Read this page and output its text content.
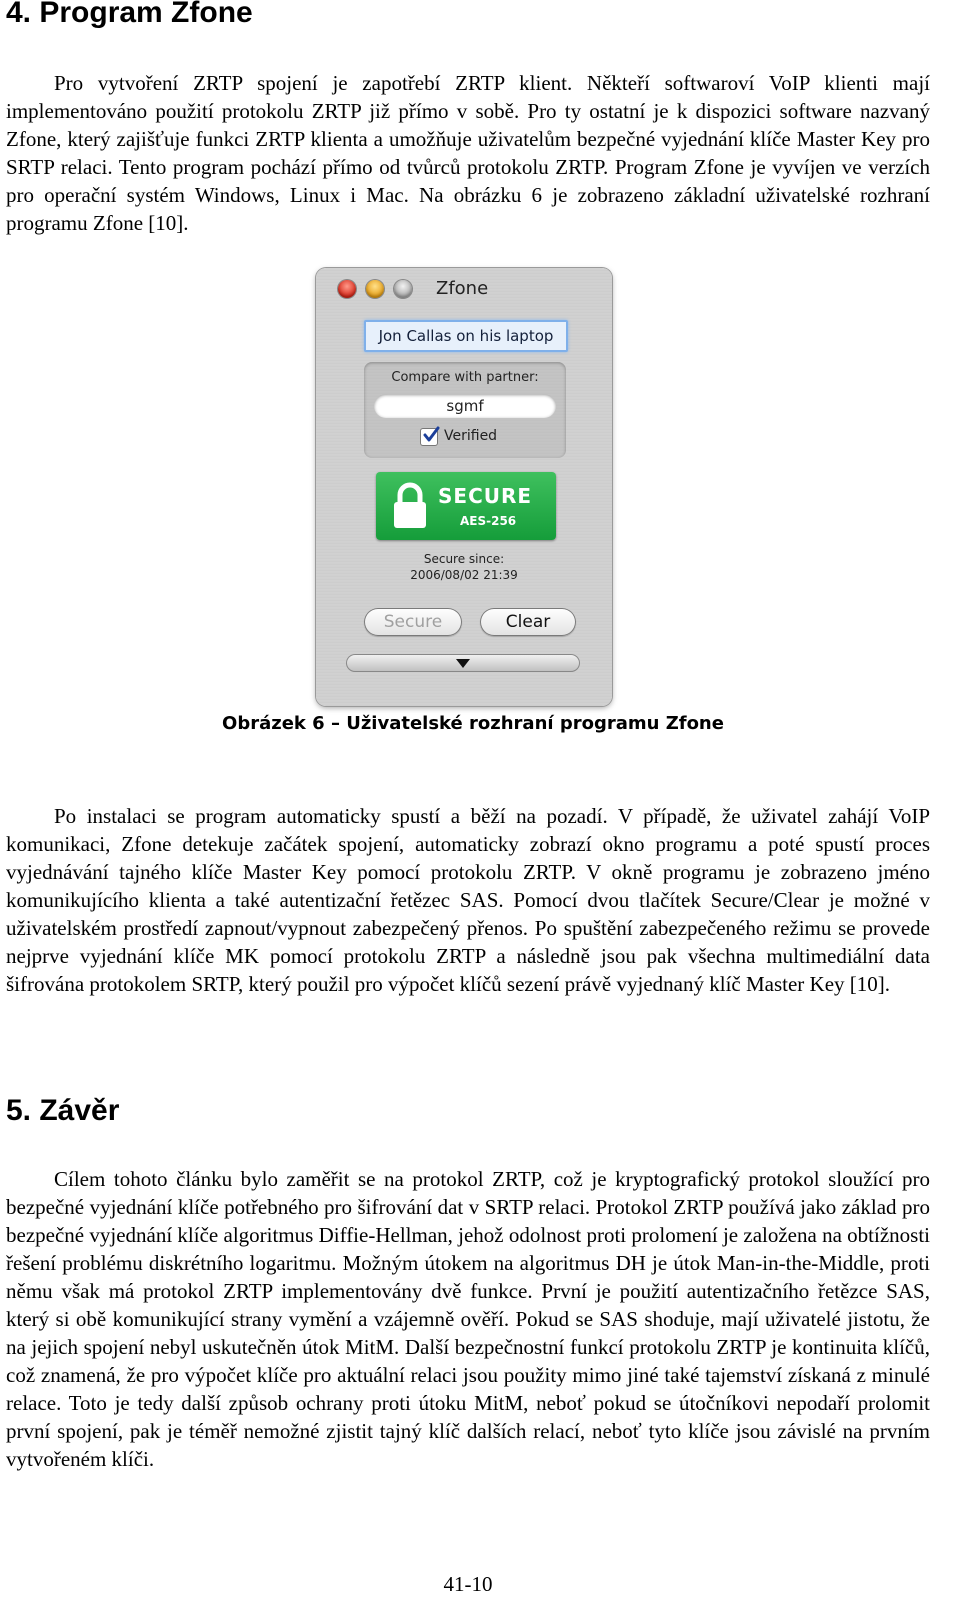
4. Program Zfone

Pro vytvoření ZRTP spojení je zapotřebí ZRTP klient. Někteří softwaroví VoIP klienti mají implementováno použití protokolu ZRTP již přímo v sobě. Pro ty ostatní je k dispozici software nazvaný Zfone, který zajišťuje funkci ZRTP klienta a umožňuje uživatelům bezpečné vyjednání klíče Master Key pro SRTP relaci. Tento program pochází přímo od tvůrců protokolu ZRTP. Program Zfone je vyvíjen ve verzích pro operační systém Windows, Linux i Mac. Na obrázku 6 je zobrazeno základní uživatelské rozhraní programu Zfone [10].

Obrázek 6 – Uživatelské rozhraní programu Zfone

Po instalaci se program automaticky spustí a běží na pozadí. V případě, že uživatel zahájí VoIP komunikaci, Zfone detekuje začátek spojení, automaticky zobrazí okno programu a poté spustí proces vyjednávání tajného klíče Master Key pomocí protokolu ZRTP. V okně programu je zobrazeno jméno komunikujícího klienta a také autentizační řetězec SAS. Pomocí dvou tlačítek Secure/Clear je možné v uživatelském prostředí zapnout/vypnout zabezpečený přenos. Po spuštění zabezpečeného režimu se provede nejprve vyjednání klíče MK pomocí protokolu ZRTP a následně jsou pak všechna multimediální data šifrována protokolem SRTP, který použil pro výpočet klíčů sezení právě vyjednaný klíč Master Key [10].

5. Závěr

Cílem tohoto článku bylo zaměřit se na protokol ZRTP, což je kryptografický protokol sloužící pro bezpečné vyjednání klíče potřebného pro šifrování dat v SRTP relaci. Protokol ZRTP používá jako základ pro bezpečné vyjednání klíče algoritmus Diffie-Hellman, jehož odolnost proti prolomení je založena na obtížnosti řešení problému diskrétního logaritmu. Možným útokem na algoritmus DH je útok Man-in-the-Middle, proti němu však má protokol ZRTP implementovány dvě funkce. První je použití autentizačního řetězce SAS, který si obě komunikující strany vymění a vzájemně ověří. Pokud se SAS shoduje, mají uživatelé jistotu, že na jejich spojení nebyl uskutečněn útok MitM. Další bezpečnostní funkcí protokolu ZRTP je kontinuita klíčů, což znamená, že pro výpočet klíče pro aktuální relaci jsou použity mimo jiné také tajemství získaná z minulé relace. Toto je tedy další způsob ochrany proti útoku MitM, neboť pokud se útočníkovi nepodaří prolomit první spojení, pak je téměř nemožné zjistit tajný klíč dalších relací, neboť tyto klíče jsou závislé na prvním vytvořeném klíči.

41-10
Zfone
Jon Callas on his laptop
Compare with partner:
sgmf
Verified
SECURE
AES-256
Secure since:
2006/08/02 21:39
Secure	Clear
